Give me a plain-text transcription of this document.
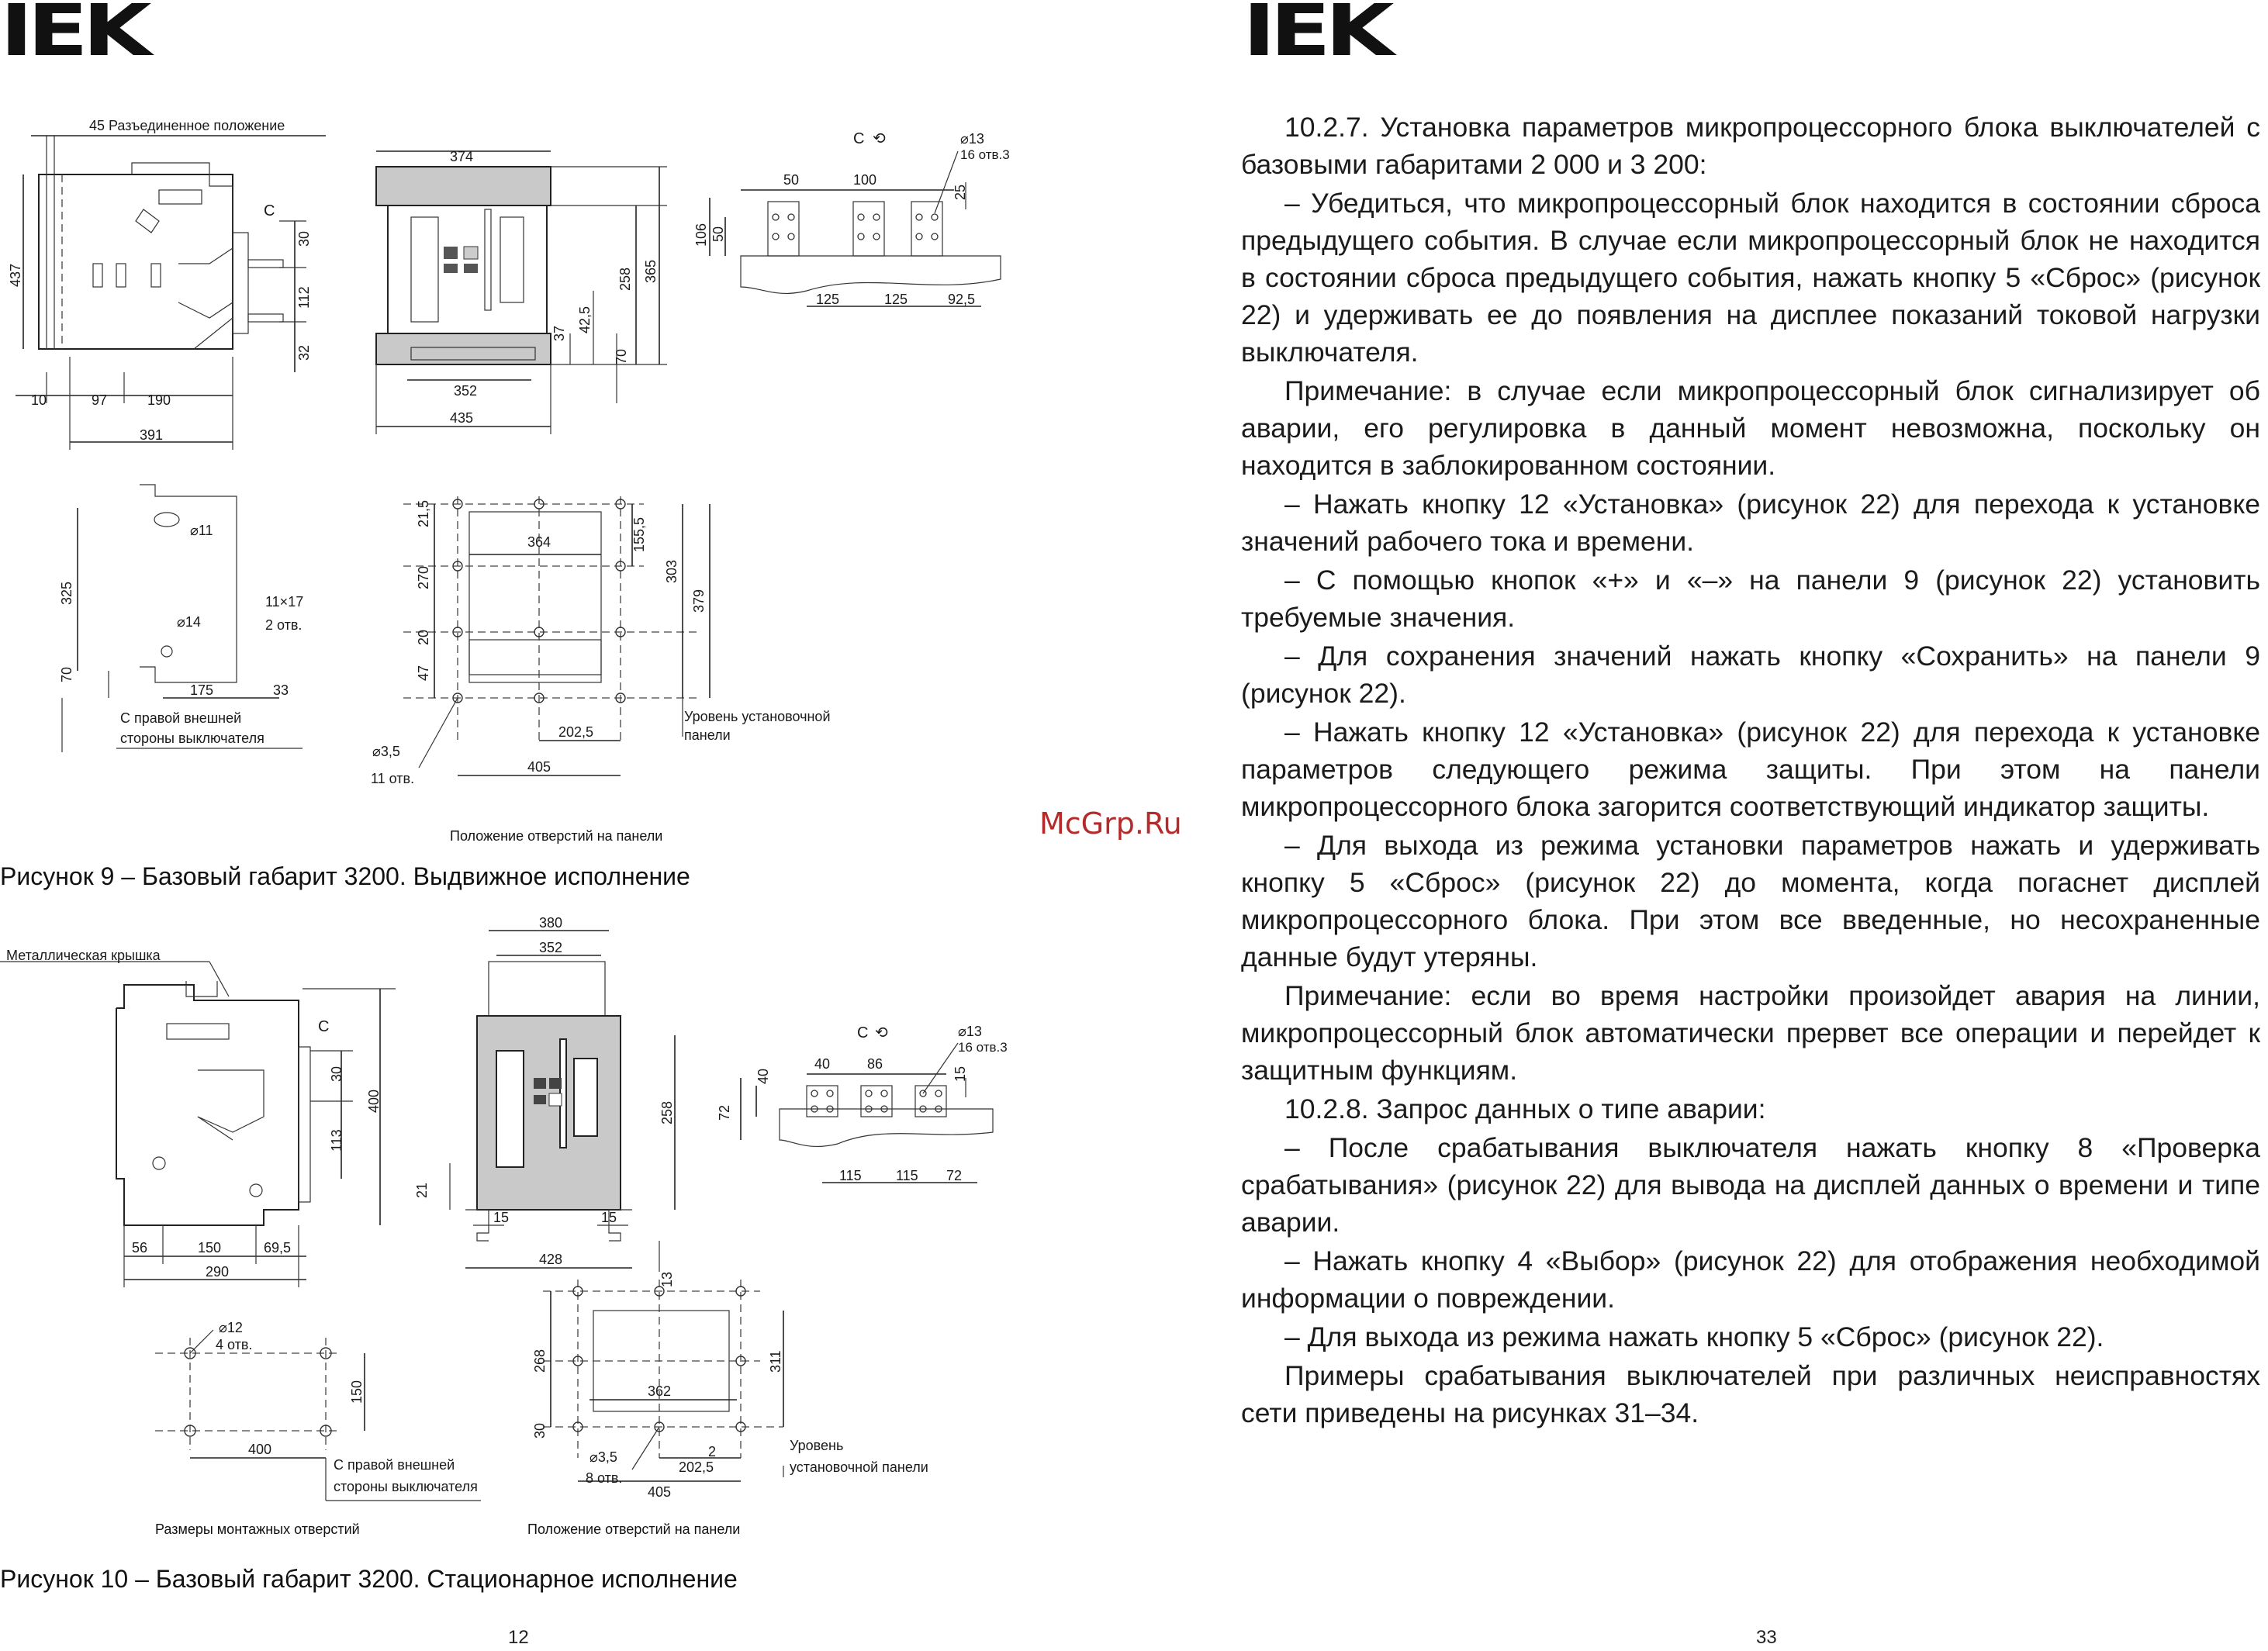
IEK
45 Разъединенное положение
C
437
30
112
32
10	97	190
391
374
37 42,5
258 365
70
352
435
C ⟲	⌀13
16 отв.3
50	100
25
106 50
125	125	92,5
⌀11
⌀14
11×17
2 отв.
325
70
175	33
С правой внешней
стороны выключателя
21,5
364	155,5
270	303
379
20
47
202,5
405
⌀3,5
11 отв.
Уровень установочной
панели
Металлическая крышка
C
30
400
113
56	150	69,5
290
380
352
258
21
15	15
428
13
C ⟲	⌀13
16 отв.3
40	86
15
40
72
115 115 72
⌀12
4 отв.
150
400
С правой внешней
стороны выключателя
268	311
362
30
2
202,5
405
⌀3,5
8 отв.
Уровень
установочной панели
Положение отверстий на панели
Рисунок 9 – Базовый габарит 3200. Выдвижное исполнение
Размеры монтажных отверстий	Положение отверстий на панели
Рисунок 10 – Базовый габарит 3200. Стационарное исполнение
12
IEK

10.2.7. Установка параметров микропроцессорного блока выключателей с базовыми габаритами 2 000 и 3 200:

– Убедиться, что микропроцессорный блок находится в состоянии сброса предыдущего события. В случае если микропроцессорный блок не находится в состоянии сброса предыдущего события, нажать кнопку 5 «Сброс» (рисунок 22) и удерживать ее до появления на дисплее показаний токовой нагрузки выключателя.

Примечание: в случае если микропроцессорный блок сигнализирует об аварии, его регулировка в данный момент невозможна, поскольку он находится в заблокированном состоянии.

– Нажать кнопку 12 «Установка» (рисунок 22) для перехода к установке значений рабочего тока и времени.

– С помощью кнопок «+» и «–» на панели 9 (рисунок 22) установить требуемые значения.

– Для сохранения значений нажать кнопку «Сохранить» на панели 9 (рисунок 22).

– Нажать кнопку 12 «Установка» (рисунок 22) для перехода к установке параметров следующего режима защиты. При этом на панели микропроцессорного блока загорится соответствующий индикатор защиты.

– Для выхода из режима установки параметров нажать и удерживать кнопку 5 «Сброс» (рисунок 22) до момента, когда погаснет дисплей микропроцессорного блока. При этом все введенные, но несохраненные данные будут утеряны.

Примечание: если во время настройки произойдет авария на линии, микропроцессорный блок автоматически прервет все операции и перейдет к защитным функциям.

10.2.8. Запрос данных о типе аварии:

– После срабатывания выключателя нажать кнопку 8 «Проверка срабатывания» (рисунок 22) для вывода на дисплей данных о времени и типе аварии.

– Нажать кнопку 4 «Выбор» (рисунок 22) для отображения необходимой информации о повреждении.

– Для выхода из режима нажать кнопку 5 «Сброс» (рисунок 22).

Примеры срабатывания выключателей при различных неисправностях сети приведены на рисунках 31–34.

33
McGrp.Ru
